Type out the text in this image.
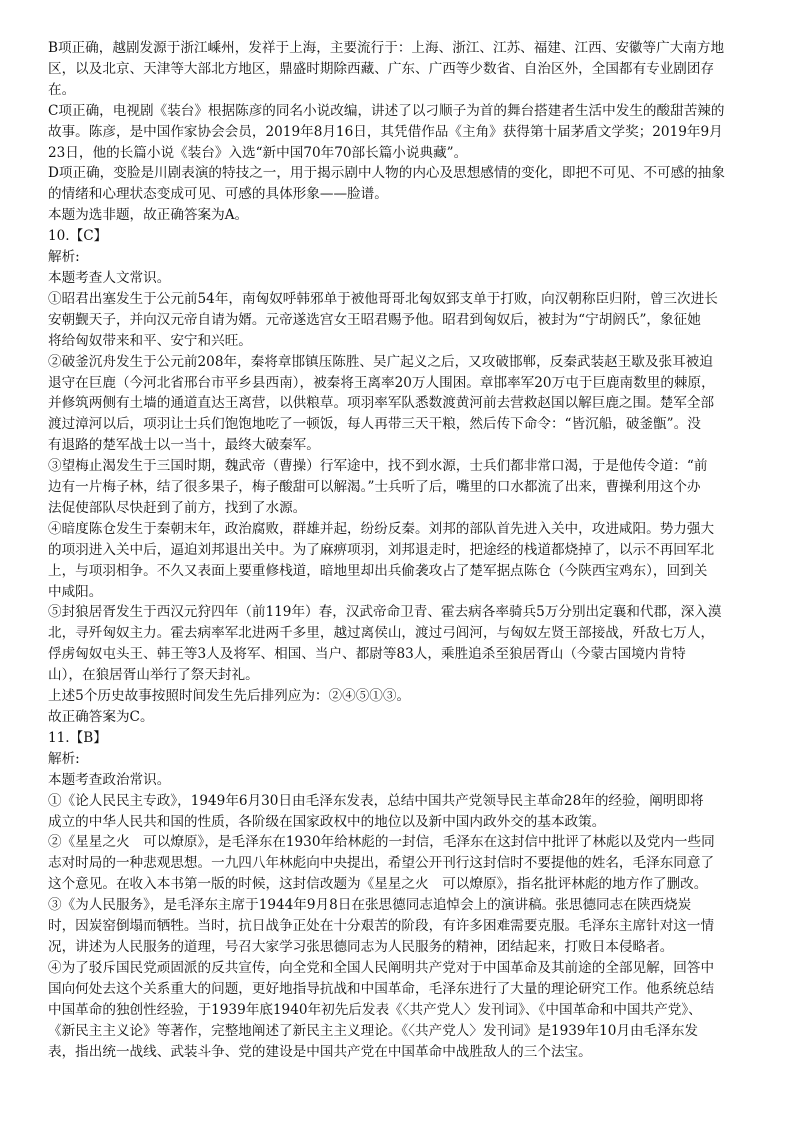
B项正确，越剧发源于浙江嵊州，发祥于上海，主要流行于：上海、浙江、江苏、福建、江西、安徽等广大南方地
区，以及北京、天津等大部北方地区，鼎盛时期除西藏、广东、广西等少数省、自治区外，全国都有专业剧团存
在。
C项正确，电视剧《装台》根据陈彦的同名小说改编，讲述了以刁顺子为首的舞台搭建者生活中发生的酸甜苦辣的
故事。陈彦，是中国作家协会会员，2019年8月16日，其凭借作品《主角》获得第十届茅盾文学奖；2019年9月
23日，他的长篇小说《装台》入选“新中国70年70部长篇小说典藏”。
D项正确，变脸是川剧表演的特技之一，用于揭示剧中人物的内心及思想感情的变化，即把不可见、不可感的抽象
的情绪和心理状态变成可见、可感的具体形象——脸谱。
本题为选非题，故正确答案为A。
10.【C】
解析:
本题考查人文常识。
①昭君出塞发生于公元前54年，南匈奴呼韩邪单于被他哥哥北匈奴郅支单于打败，向汉朝称臣归附，曾三次进长
安朝觐天子，并向汉元帝自请为婿。元帝遂选宫女王昭君赐予他。昭君到匈奴后，被封为“宁胡阏氏”，象征她
将给匈奴带来和平、安宁和兴旺。
②破釜沉舟发生于公元前208年，秦将章邯镇压陈胜、吴广起义之后，又攻破邯郸，反秦武装赵王歇及张耳被迫
退守在巨鹿（今河北省邢台市平乡县西南），被秦将王离率20万人围困。章邯率军20万屯于巨鹿南数里的棘原，
并修筑两侧有土墙的通道直达王离营，以供粮草。项羽率军队悉数渡黄河前去营救赵国以解巨鹿之围。楚军全部
渡过漳河以后，项羽让士兵们饱饱地吃了一顿饭，每人再带三天干粮，然后传下命令：“皆沉船，破釜甑”。没
有退路的楚军战士以一当十，最终大破秦军。
③望梅止渴发生于三国时期，魏武帝（曹操）行军途中，找不到水源，士兵们都非常口渴，于是他传令道：“前
边有一片梅子林，结了很多果子，梅子酸甜可以解渴。”士兵听了后，嘴里的口水都流了出来，曹操利用这个办
法促使部队尽快赶到了前方，找到了水源。
④暗度陈仓发生于秦朝末年，政治腐败，群雄并起，纷纷反秦。刘邦的部队首先进入关中，攻进咸阳。势力强大
的项羽进入关中后，逼迫刘邦退出关中。为了麻痹项羽，刘邦退走时，把途经的栈道都烧掉了，以示不再回军北
上，与项羽相争。不久又表面上要重修栈道，暗地里却出兵偷袭攻占了楚军据点陈仓（今陕西宝鸡东），回到关
中咸阳。
⑤封狼居胥发生于西汉元狩四年（前119年）春，汉武帝命卫青、霍去病各率骑兵5万分别出定襄和代郡，深入漠
北，寻歼匈奴主力。霍去病率军北进两千多里，越过离侯山，渡过弓闾河，与匈奴左贤王部接战，歼敌七万人，
俘虏匈奴屯头王、韩王等3人及将军、相国、当户、都尉等83人，乘胜追杀至狼居胥山（今蒙古国境内肯特
山），在狼居胥山举行了祭天封礼。
上述5个历史故事按照时间发生先后排列应为：②④⑤①③。
故正确答案为C。
11.【B】
解析:
本题考查政治常识。
①《论人民民主专政》，1949年6月30日由毛泽东发表，总结中国共产党领导民主革命28年的经验，阐明即将
成立的中华人民共和国的性质，各阶级在国家政权中的地位以及新中国内政外交的基本政策。
②《星星之火　可以燎原》，是毛泽东在1930年给林彪的一封信，毛泽东在这封信中批评了林彪以及党内一些同
志对时局的一种悲观思想。一九四八年林彪向中央提出，希望公开刊行这封信时不要提他的姓名，毛泽东同意了
这个意见。在收入本书第一版的时候，这封信改题为《星星之火　可以燎原》，指名批评林彪的地方作了删改。
③《为人民服务》，是毛泽东主席于1944年9月8日在张思德同志追悼会上的演讲稿。张思德同志在陕西烧炭
时，因炭窑倒塌而牺牲。当时，抗日战争正处在十分艰苦的阶段，有许多困难需要克服。毛泽东主席针对这一情
况，讲述为人民服务的道理，号召大家学习张思德同志为人民服务的精神，团结起来，打败日本侵略者。
④为了驳斥国民党顽固派的反共宣传，向全党和全国人民阐明共产党对于中国革命及其前途的全部见解，回答中
国向何处去这个关系重大的问题，更好地指导抗战和中国革命，毛泽东进行了大量的理论研究工作。他系统总结
中国革命的独创性经验，于1939年底1940年初先后发表《〈共产党人〉发刊词》、《中国革命和中国共产党》、
《新民主主义论》等著作，完整地阐述了新民主主义理论。《〈共产党人〉发刊词》是1939年10月由毛泽东发
表，指出统一战线、武装斗争、党的建设是中国共产党在中国革命中战胜敌人的三个法宝。
